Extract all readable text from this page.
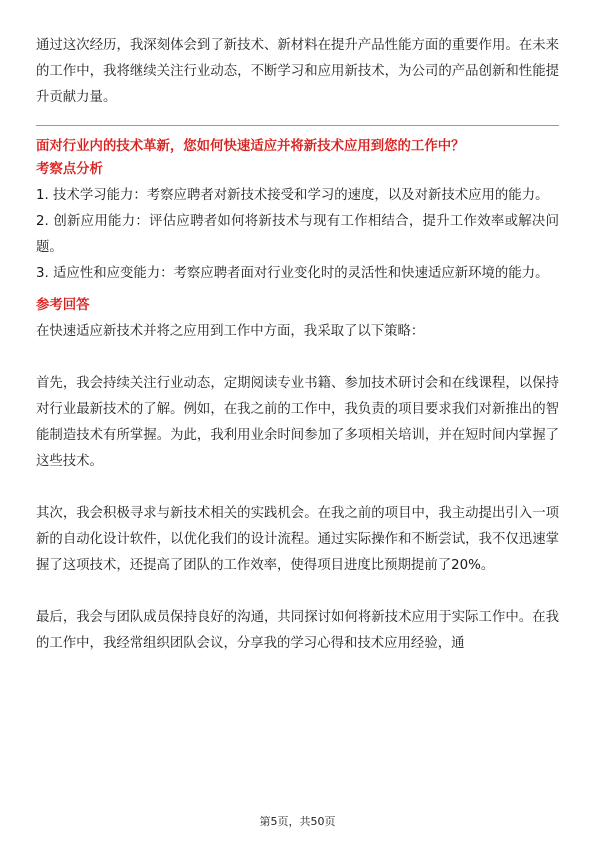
通过这次经历，我深刻体会到了新技术、新材料在提升产品性能方面的重要作用。在未来的工作中，我将继续关注行业动态，不断学习和应用新技术，为公司的产品创新和性能提升贡献力量。

面对行业内的技术革新，您如何快速适应并将新技术应用到您的工作中？
考察点分析

1. 技术学习能力：考察应聘者对新技术接受和学习的速度，以及对新技术应用的能力。

2. 创新应用能力：评估应聘者如何将新技术与现有工作相结合，提升工作效率或解决问题。

3. 适应性和应变能力：考察应聘者面对行业变化时的灵活性和快速适应新环境的能力。

参考回答

在快速适应新技术并将之应用到工作中方面，我采取了以下策略：

首先，我会持续关注行业动态，定期阅读专业书籍、参加技术研讨会和在线课程，以保持对行业最新技术的了解。例如，在我之前的工作中，我负责的项目要求我们对新推出的智能制造技术有所掌握。为此，我利用业余时间参加了多项相关培训，并在短时间内掌握了这些技术。

其次，我会积极寻求与新技术相关的实践机会。在我之前的项目中，我主动提出引入一项新的自动化设计软件，以优化我们的设计流程。通过实际操作和不断尝试，我不仅迅速掌握了这项技术，还提高了团队的工作效率，使得项目进度比预期提前了20%。

最后，我会与团队成员保持良好的沟通，共同探讨如何将新技术应用于实际工作中。在我的工作中，我经常组织团队会议，分享我的学习心得和技术应用经验，通

第5页，共50页
